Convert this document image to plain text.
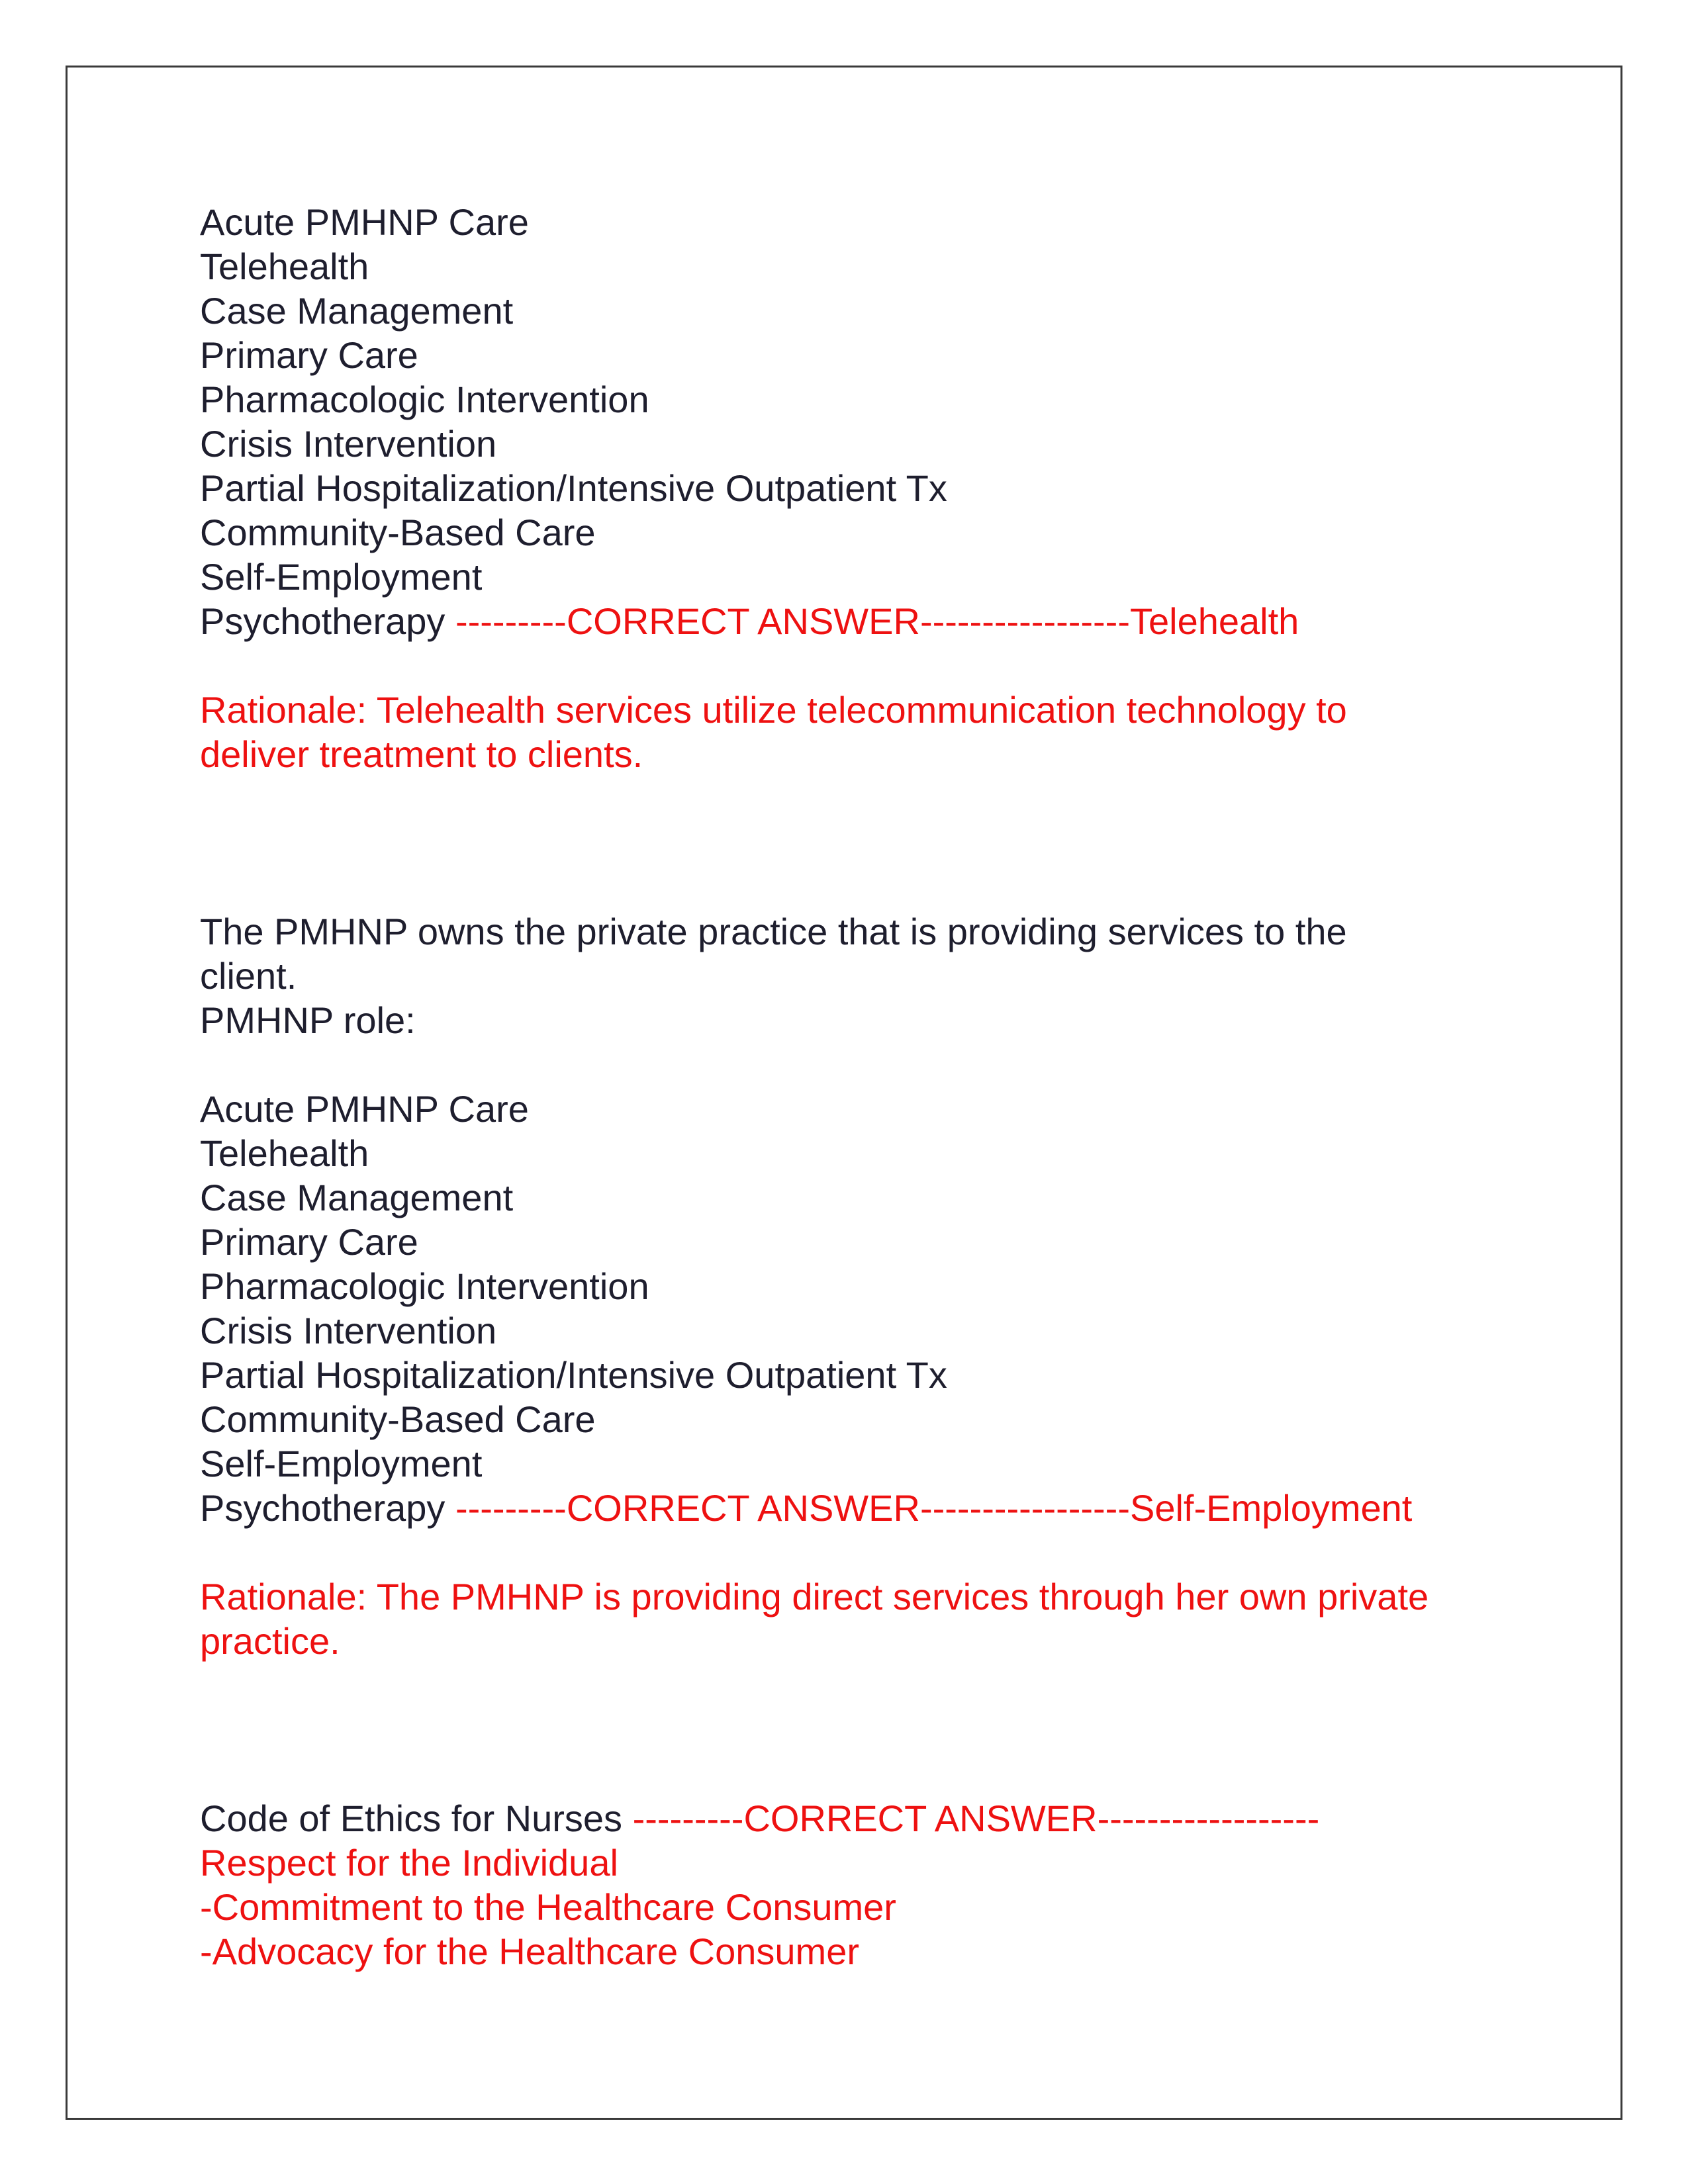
Acute PMHNP Care
Telehealth
Case Management
Primary Care
Pharmacologic Intervention
Crisis Intervention
Partial Hospitalization/Intensive Outpatient Tx
Community-Based Care
Self-Employment
Psychotherapy ---------CORRECT ANSWER-----------------Telehealth
Rationale: Telehealth services utilize telecommunication technology to
deliver treatment to clients.
The PMHNP owns the private practice that is providing services to the
client.
PMHNP role:
Acute PMHNP Care
Telehealth
Case Management
Primary Care
Pharmacologic Intervention
Crisis Intervention
Partial Hospitalization/Intensive Outpatient Tx
Community-Based Care
Self-Employment
Psychotherapy ---------CORRECT ANSWER-----------------Self-Employment
Rationale: The PMHNP is providing direct services through her own private
practice.
Code of Ethics for Nurses ---------CORRECT ANSWER------------------
Respect for the Individual
-Commitment to the Healthcare Consumer
-Advocacy for the Healthcare Consumer
